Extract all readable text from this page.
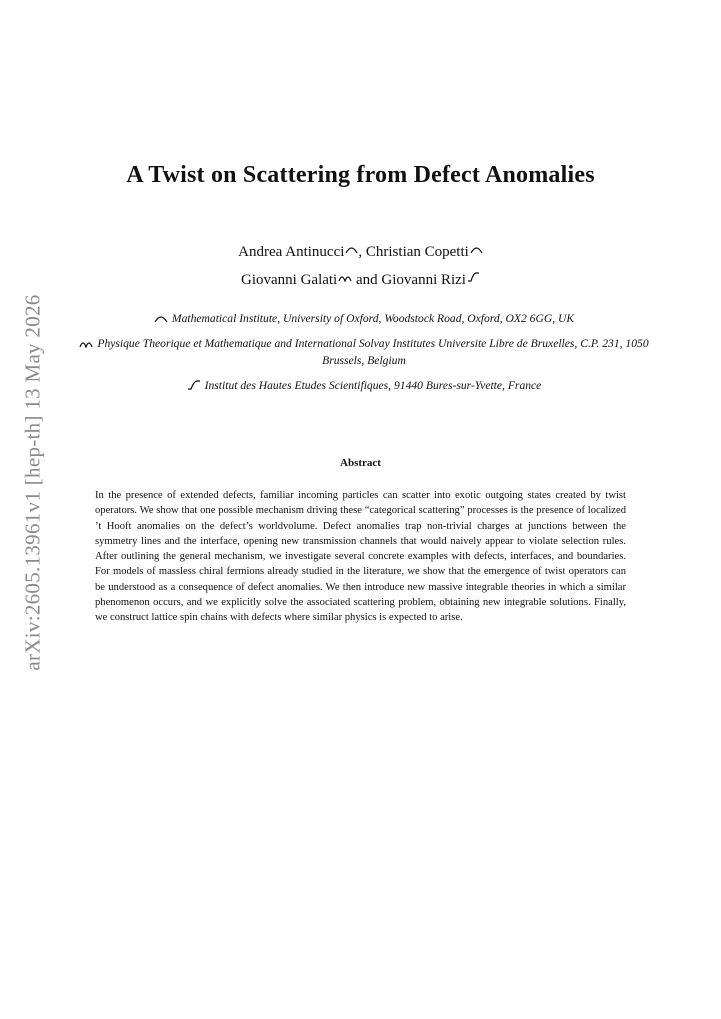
arXiv:2605.13961v1 [hep-th] 13 May 2026
A Twist on Scattering from Defect Anomalies
Andrea Antinucci , Christian Copetti
Giovanni Galati and Giovanni Rizi
Mathematical Institute, University of Oxford, Woodstock Road, Oxford, OX2 6GG, UK
Physique Theorique et Mathematique and International Solvay Institutes Universite Libre de Bruxelles, C.P. 231, 1050 Brussels, Belgium
Institut des Hautes Etudes Scientifiques, 91440 Bures-sur-Yvette, France
Abstract

In the presence of extended defects, familiar incoming particles can scatter into exotic outgoing states created by twist operators. We show that one possible mechanism driving these “categorical scattering” processes is the presence of localized ’t Hooft anomalies on the defect’s worldvolume. Defect anomalies trap non-trivial charges at junctions between the symmetry lines and the interface, opening new transmission channels that would naively appear to violate selection rules. After outlining the general mechanism, we investigate several concrete examples with defects, interfaces, and boundaries. For models of massless chiral fermions already studied in the literature, we show that the emergence of twist operators can be understood as a consequence of defect anomalies. We then introduce new massive integrable theories in which a similar phenomenon occurs, and we explicitly solve the associated scattering problem, obtaining new integrable solutions. Finally, we construct lattice spin chains with defects where similar physics is expected to arise.
